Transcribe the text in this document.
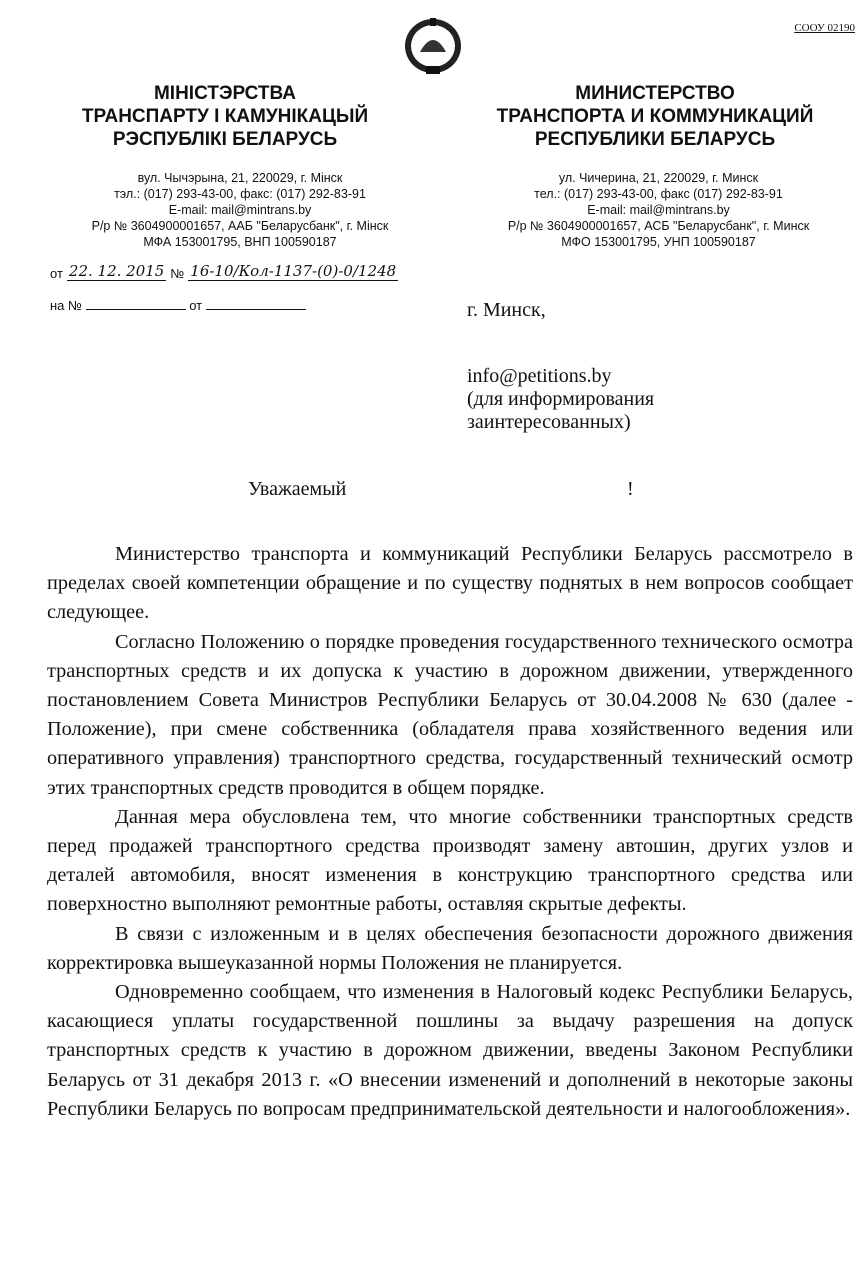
СООУ 02190
МІНІСТЭРСТВА
ТРАНСПАРТУ І КАМУНІКАЦЫЙ
РЭСПУБЛІКІ БЕЛАРУСЬ
МИНИСТЕРСТВО
ТРАНСПОРТА И КОММУНИКАЦИЙ
РЕСПУБЛИКИ БЕЛАРУСЬ
вул. Чычэрына, 21, 220029, г. Мінск
тэл.: (017) 293-43-00, факс: (017) 292-83-91
E-mail: mail@mintrans.by
Р/р № 3604900001657, ААБ "Беларусбанк", г. Мінск
МФА 153001795, ВНП 100590187
ул. Чичерина, 21, 220029, г. Минск
тел.: (017) 293-43-00, факс (017) 292-83-91
E-mail: mail@mintrans.by
Р/р № 3604900001657, АСБ "Беларусбанк", г. Минск
МФО 153001795, УНП 100590187
от 22. 12. 2015 № 16-10/Кол-1137-(0)-0/1248
на №	от	г. Минск,
info@petitions.by
(для информирования
заинтересованных)
Уважаемый	!

Министерство транспорта и коммуникаций Республики Беларусь рассмотрело в пределах своей компетенции обращение и по существу поднятых в нем вопросов сообщает следующее.

Согласно Положению о порядке проведения государственного технического осмотра транспортных средств и их допуска к участию в дорожном движении, утвержденного постановлением Совета Министров Республики Беларусь от 30.04.2008 № 630 (далее - Положение), при смене собственника (обладателя права хозяйственного ведения или оперативного управления) транспортного средства, государственный технический осмотр этих транспортных средств проводится в общем порядке.

Данная мера обусловлена тем, что многие собственники транспортных средств перед продажей транспортного средства производят замену автошин, других узлов и деталей автомобиля, вносят изменения в конструкцию транспортного средства или поверхностно выполняют ремонтные работы, оставляя скрытые дефекты.

В связи с изложенным и в целях обеспечения безопасности дорожного движения корректировка вышеуказанной нормы Положения не планируется.

Одновременно сообщаем, что изменения в Налоговый кодекс Республики Беларусь, касающиеся уплаты государственной пошлины за выдачу разрешения на допуск транспортных средств к участию в дорожном движении, введены Законом Республики Беларусь от 31 декабря 2013 г. «О внесении изменений и дополнений в некоторые законы Республики Беларусь по вопросам предпринимательской деятельности и налогообложения».
